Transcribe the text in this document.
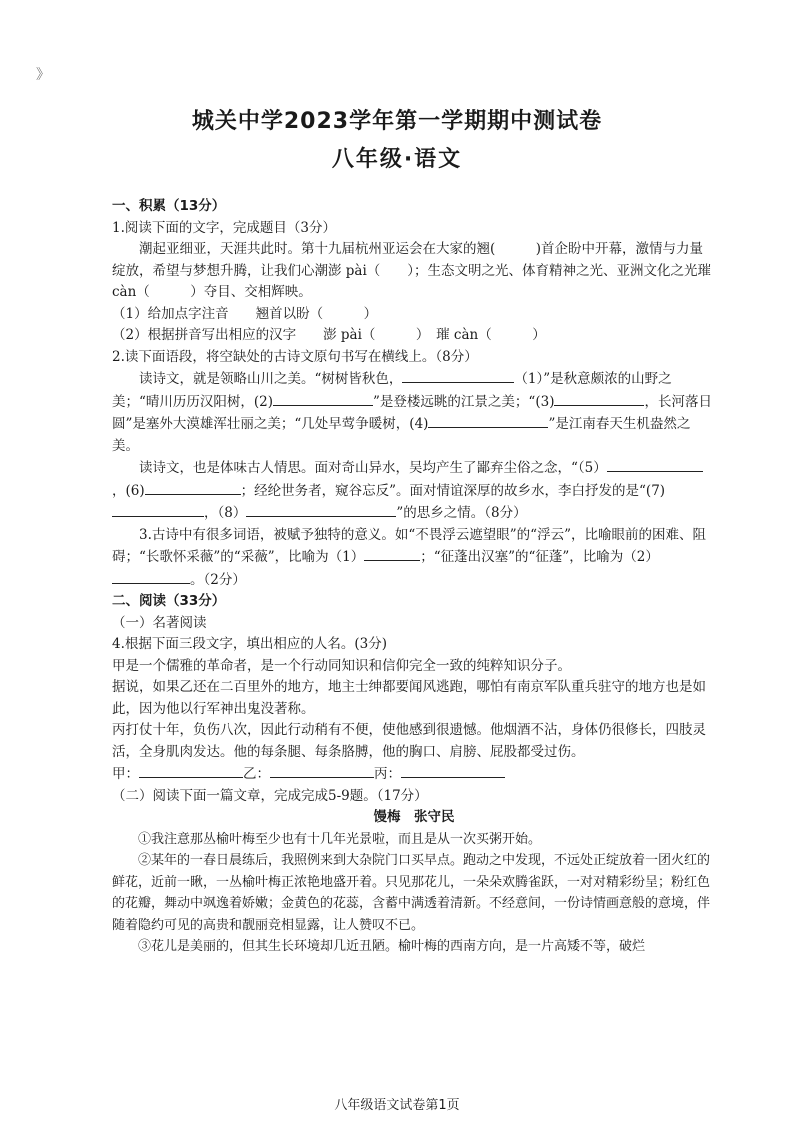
》
城关中学2023学年第一学期期中测试卷
八年级·语文

一、积累（13分）

1.阅读下面的文字，完成题目（3分）

潮起亚细亚，天涯共此时。第十九届杭州亚运会在大家的翘(　　　)首企盼中开幕，激情与力量绽放，希望与梦想升腾，让我们心潮澎 pài（　　）；生态文明之光、体育精神之光、亚洲文化之光璀 càn（　　　）夺目、交相辉映。

（1）给加点字注音　　翘首以盼（　　　）

（2）根据拼音写出相应的汉字　　澎 pài（　　　）　璀 càn（　　　）

2.读下面语段，将空缺处的古诗文原句书写在横线上。（8分）

读诗文，就是领略山川之美。“树树皆秋色，	（1）”是秋意颇浓的山野之美；“晴川历历汉阳树，(2)	”是登楼远眺的江景之美；“(3)	，长河落日圆”是塞外大漠雄浑壮丽之美；“几处早莺争暖树，(4)	”是江南春天生机盎然之美。

读诗文，也是体味古人情思。面对奇山异水，吴均产生了鄙弃尘俗之念，“（5），(6)	；经纶世务者，窥谷忘反”。面对情谊深厚的故乡水，李白抒发的是“(7)，（8）	”的思乡之情。（8分）

3.古诗中有很多词语，被赋予独特的意义。如“不畏浮云遮望眼”的“浮云”，比喻眼前的困难、阻碍；“长歌怀采薇”的“采薇”，比喻为（1）	；“征蓬出汉塞”的“征蓬”，比喻为（2）。（2分）

二、阅读（33分）

（一）名著阅读

4.根据下面三段文字，填出相应的人名。(3分)

甲是一个儒雅的革命者，是一个行动同知识和信仰完全一致的纯粹知识分子。

据说，如果乙还在二百里外的地方，地主士绅都要闻风逃跑，哪怕有南京军队重兵驻守的地方也是如此，因为他以行军神出鬼没著称。

丙打仗十年，负伤八次，因此行动稍有不便，使他感到很遗憾。他烟酒不沾，身体仍很修长，四肢灵活，全身肌肉发达。他的每条腿、每条胳膊，他的胸口、肩膀、屁股都受过伤。

甲：	乙：	丙：

（二）阅读下面一篇文章，完成完成5-9题。（17分）

馒梅　张守民

①我注意那丛榆叶梅至少也有十几年光景啦，而且是从一次买粥开始。

②某年的一春日晨练后，我照例来到大杂院门口买早点。跑动之中发现，不远处正绽放着一团火红的鲜花，近前一瞅，一丛榆叶梅正浓艳地盛开着。只见那花儿，一朵朵欢腾雀跃，一对对精彩纷呈；粉红色的花瓣，舞动中飒逸着娇嫩；金黄色的花蕊，含蓄中满透着清新。不经意间，一份诗情画意般的意境，伴随着隐约可见的高贵和靓丽竞相显露，让人赞叹不已。

③花儿是美丽的，但其生长环境却几近丑陋。榆叶梅的西南方向，是一片高矮不等，破烂

八年级语文试卷第1页
